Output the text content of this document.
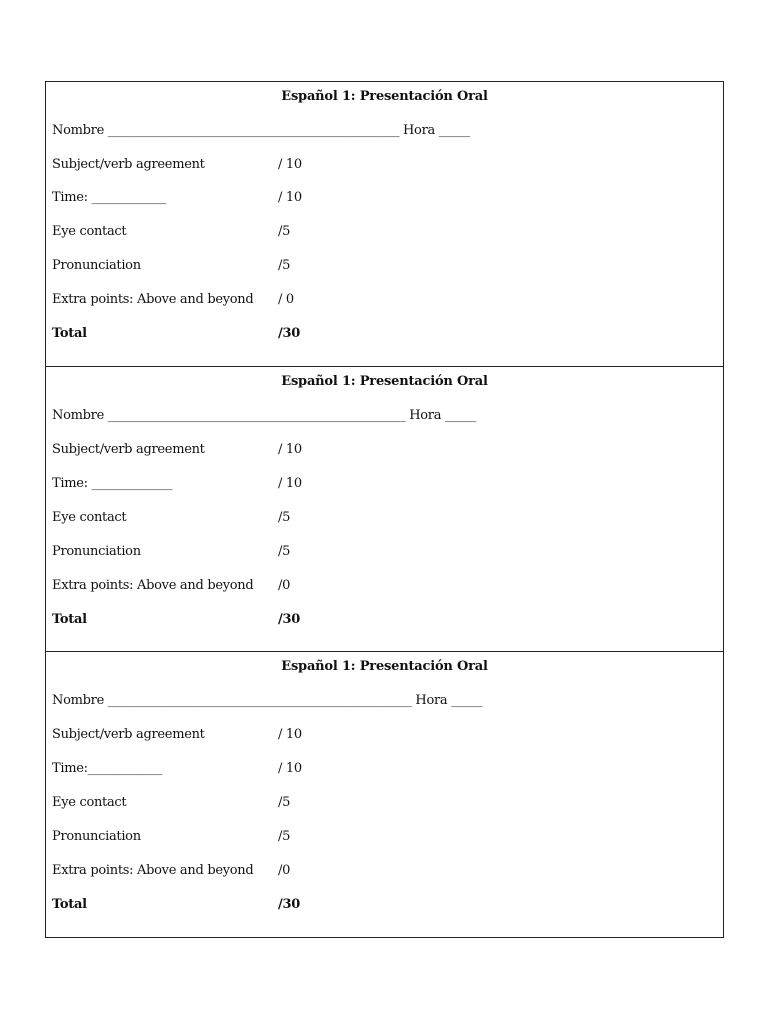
Español 1: Presentación Oral
Nombre _______________________________________________ Hora _____
Subject/verb agreement	/ 10
Time: ____________	/ 10
Eye contact	/5
Pronunciation	/5
Extra points: Above and beyond / 0
Total	/30
Español 1: Presentación Oral
Nombre ________________________________________________ Hora _____
Subject/verb agreement	/ 10
Time: _____________	/ 10
Eye contact	/5
Pronunciation	/5
Extra points: Above and beyond /0
Total	/30
Español 1: Presentación Oral
Nombre _________________________________________________ Hora _____
Subject/verb agreement	/ 10
Time:____________	/ 10
Eye contact	/5
Pronunciation	/5
Extra points: Above and beyond /0
Total	/30
